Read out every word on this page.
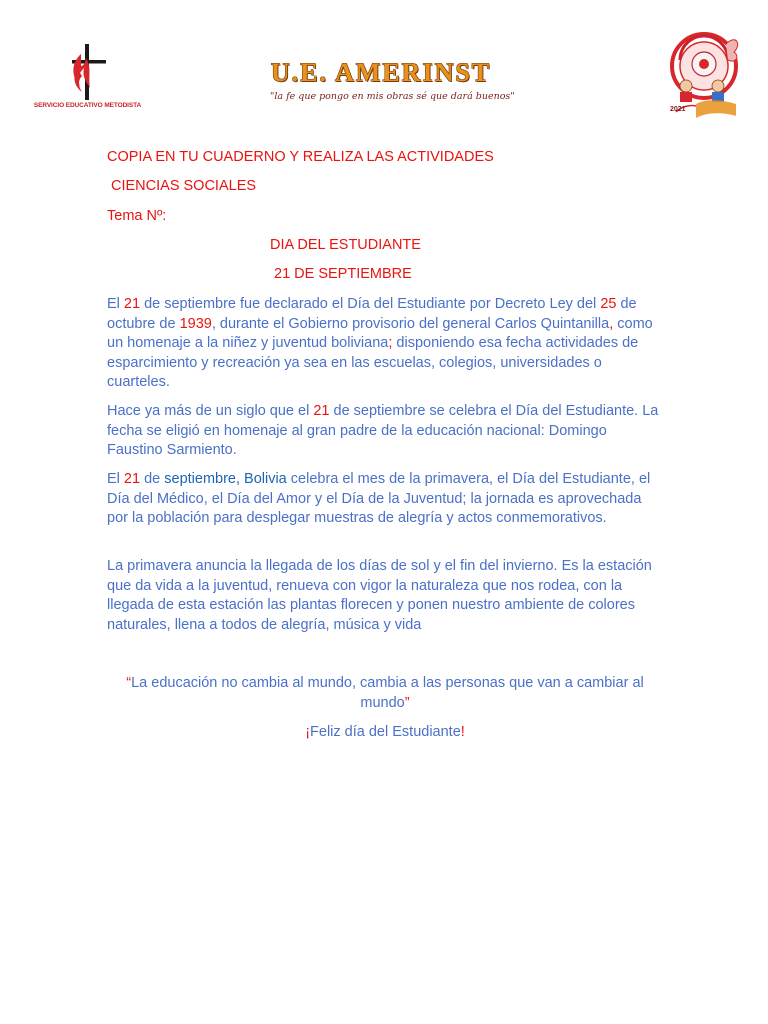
SERVICIO EDUCATIVO METODISTA
U.E. AMERINST
"la fe que pongo en mis obras sé que dará buenos"
2021
COPIA EN TU CUADERNO Y REALIZA LAS ACTIVIDADES
CIENCIAS SOCIALES
Tema Nº:
DIA DEL ESTUDIANTE
21 DE SEPTIEMBRE
El 21 de septiembre fue declarado el Día del Estudiante por Decreto Ley del 25 de octubre de 1939, durante el Gobierno provisorio del general Carlos Quintanilla, como un homenaje a la niñez y juventud boliviana; disponiendo esa fecha actividades de esparcimiento y recreación ya sea en las escuelas, colegios, universidades o cuarteles.
Hace ya más de un siglo que el 21 de septiembre se celebra el Día del Estudiante. La fecha se eligió en homenaje al gran padre de la educación nacional: Domingo Faustino Sarmiento.
El 21 de septiembre, Bolivia celebra el mes de la primavera, el Día del Estudiante, el Día del Médico, el Día del Amor y el Día de la Juventud; la jornada es aprovechada por la población para desplegar muestras de alegría y actos conmemorativos.
La primavera anuncia la llegada de los días de sol y el fin del invierno. Es la estación que da vida a la juventud, renueva con vigor la naturaleza que nos rodea, con la llegada de esta estación las plantas florecen y ponen nuestro ambiente de colores naturales, llena a todos de alegría, música y vida
“La educación no cambia al mundo, cambia a las personas que van a cambiar al mundo”
¡Feliz día del Estudiante!
